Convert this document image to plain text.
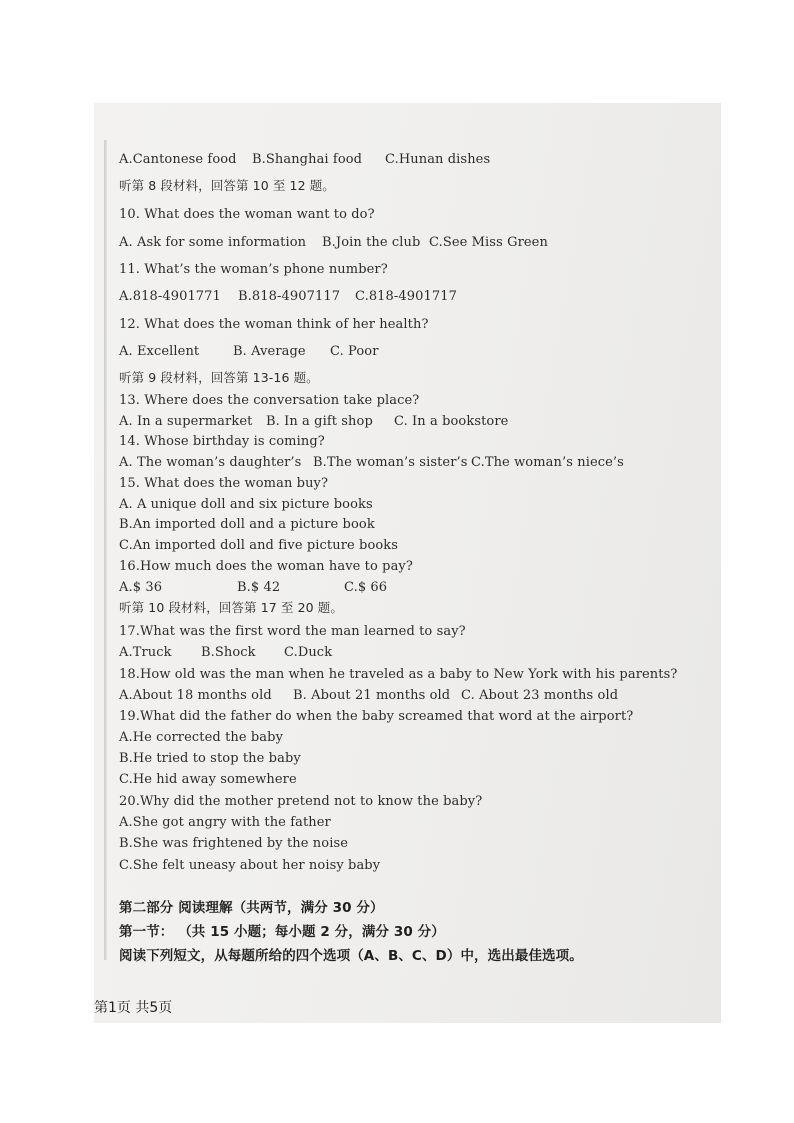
A.Cantonese food B.Shanghai food C.Hunan dishes
听第 8 段材料，回答第 10 至 12 题。
10. What does the woman want to do?
A. Ask for some information B.Join the club C.See Miss Green
11. What’s the woman’s phone number?
A.818-4901771 B.818-4907117 C.818-4901717
12. What does the woman think of her health?
A. Excellent	B. Average C. Poor
听第 9 段材料，回答第 13-16 题。
13. Where does the conversation take place?
A. In a supermarket B. In a gift shop C. In a bookstore
14. Whose birthday is coming?
A. The woman’s daughter’s B.The woman’s sister’s C.The woman’s niece’s
15. What does the woman buy?
A. A unique doll and six picture books
B.An imported doll and a picture book
C.An imported doll and five picture books
16.How much does the woman have to pay?
A.$ 36	B.$ 42	C.$ 66
听第 10 段材料，回答第 17 至 20 题。
17.What was the first word the man learned to say?
A.Truck B.Shock C.Duck
18.How old was the man when he traveled as a baby to New York with his parents?
A.About 18 months old B. About 21 months old C. About 23 months old
19.What did the father do when the baby screamed that word at the airport?
A.He corrected the baby
B.He tried to stop the baby
C.He hid away somewhere
20.Why did the mother pretend not to know the baby?
A.She got angry with the father
B.She was frightened by the noise
C.She felt uneasy about her noisy baby
第二部分 阅读理解（共两节，满分 30 分）
第一节： （共 15 小题；每小题 2 分，满分 30 分）
阅读下列短文，从每题所给的四个选项（A、B、C、D）中，选出最佳选项。
第1页 共5页
